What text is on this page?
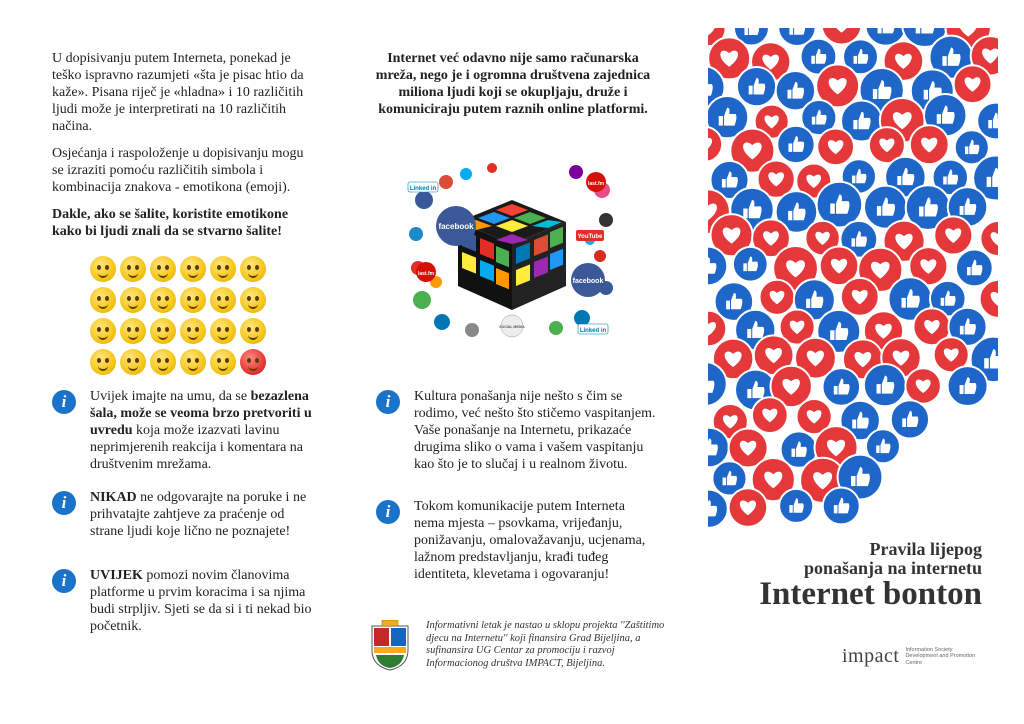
U dopisivanju putem Interneta, ponekad je teško ispravno razumjeti «šta je pisac htio da kaže». Pisana riječ je «hladna» i 10 različitih ljudi može je interpretirati na 10 različitih načina.

Osjećanja i raspoloženje u dopisivanju mogu se izraziti pomoću različitih simbola i kombinacija znakova - emotikona (emoji).

Dakle, ako se šalite, koristite emotikone kako bi ljudi znali da se stvarno šalite!

i	Uvijek imajte na umu, da se bezazlena šala, može se veoma brzo pretvoriti u uvredu koja može izazvati lavinu neprimjerenih reakcija i komentara na društvenim mrežama.

i	NIKAD ne odgovarajte na poruke i ne prihvatajte zahtjeve za praćenje od strane ljudi koje lično ne poznajete!

i	UVIJEK pomozi novim članovima platforme u prvim koracima i sa njima budi strpljiv. Sjeti se da si i ti nekad bio početnik.

Internet već odavno nije samo računarska mreža, nego je i ogromna društvena zajednica miliona ljudi koji se okupljaju, druže i komuniciraju putem raznih online platformi.

facebook
facebook
Linked in
YouTube
last.fm
last.fm
Linked in
SOCIAL MEDIA
i	Kultura ponašanja nije nešto s čim se rodimo, već nešto što stičemo vaspitanjem. Vaše ponašanje na Internetu, prikazaće drugima sliko o vama i vašem vaspitanju kao što je to slučaj i u realnom životu.

i	Tokom komunikacije putem Interneta nema mjesta – psovkama, vrijeđanju, ponižavanju, omalovažavanju, ucjenama, lažnom predstavljanju, krađi tuđeg identiteta, klevetama i ogovaranju!

Informativni letak je nastao u sklopu projekta ''Zaštitimo djecu na Internetu'' koji finansira Grad Bijeljina, a sufinansira UG Centar za promociju i razvoj Informacionog društva IMPACT, Bijeljina.

Pravila lijepog
ponašanja na internetu
Internet bonton
impact Information Society Development and Promotion Centre
